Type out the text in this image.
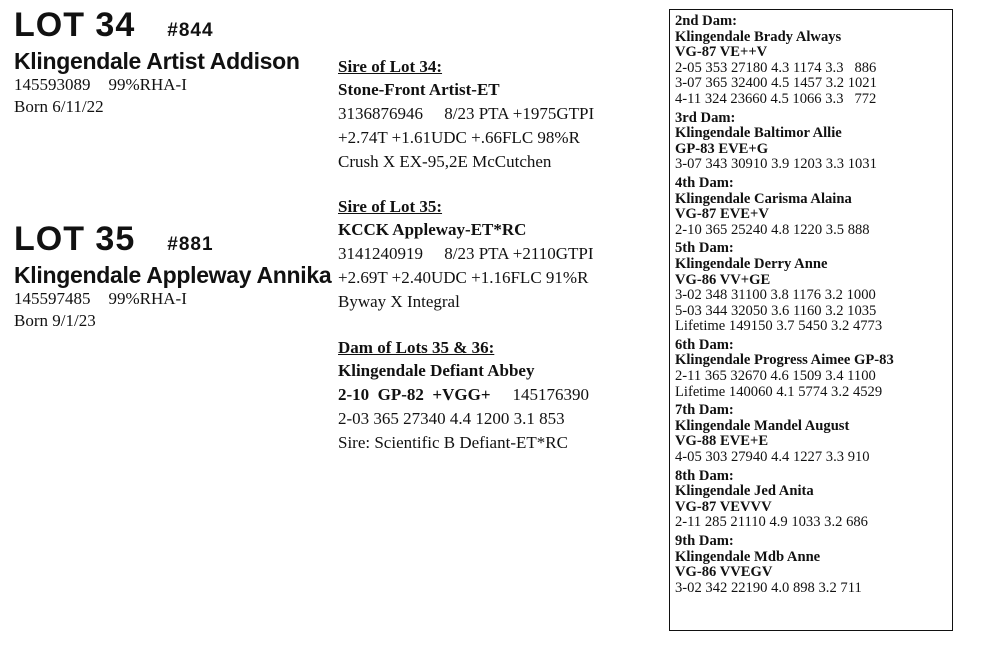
LOT 34 #844
Klingendale Artist Addison
145593089 99%RHA-I
Born 6/11/22
LOT 35 #881
Klingendale Appleway Annika
145597485 99%RHA-I
Born 9/1/23
Sire of Lot 34:
Stone-Front Artist-ET
3136876946     8/23 PTA +1975GTPI
+2.74T +1.61UDC +.66FLC 98%R
Crush X EX-95,2E McCutchen
Sire of Lot 35:
KCCK Appleway-ET*RC
3141240919     8/23 PTA +2110GTPI
+2.69T +2.40UDC +1.16FLC 91%R
Byway X Integral
Dam of Lots 35 & 36:
Klingendale Defiant Abbey
2-10  GP-82  +VGG+ 145176390
2-03 365 27340 4.4 1200 3.1 853
Sire: Scientific B Defiant-ET*RC
2nd Dam:
Klingendale Brady Always
VG-87 VE++V
2-05 353 27180 4.3 1174 3.3   886
3-07 365 32400 4.5 1457 3.2 1021
4-11 324 23660 4.5 1066 3.3   772
3rd Dam:
Klingendale Baltimor Allie
GP-83 EVE+G
3-07 343 30910 3.9 1203 3.3 1031
4th Dam:
Klingendale Carisma Alaina
VG-87 EVE+V
2-10 365 25240 4.8 1220 3.5 888
5th Dam:
Klingendale Derry Anne
VG-86 VV+GE
3-02 348 31100 3.8 1176 3.2 1000
5-03 344 32050 3.6 1160 3.2 1035
Lifetime 149150 3.7 5450 3.2 4773
6th Dam:
Klingendale Progress Aimee GP-83
2-11 365 32670 4.6 1509 3.4 1100
Lifetime 140060 4.1 5774 3.2 4529
7th Dam:
Klingendale Mandel August
VG-88 EVE+E
4-05 303 27940 4.4 1227 3.3 910
8th Dam:
Klingendale Jed Anita
VG-87 VEVVV
2-11 285 21110 4.9 1033 3.2 686
9th Dam:
Klingendale Mdb Anne
VG-86 VVEGV
3-02 342 22190 4.0 898 3.2 711
